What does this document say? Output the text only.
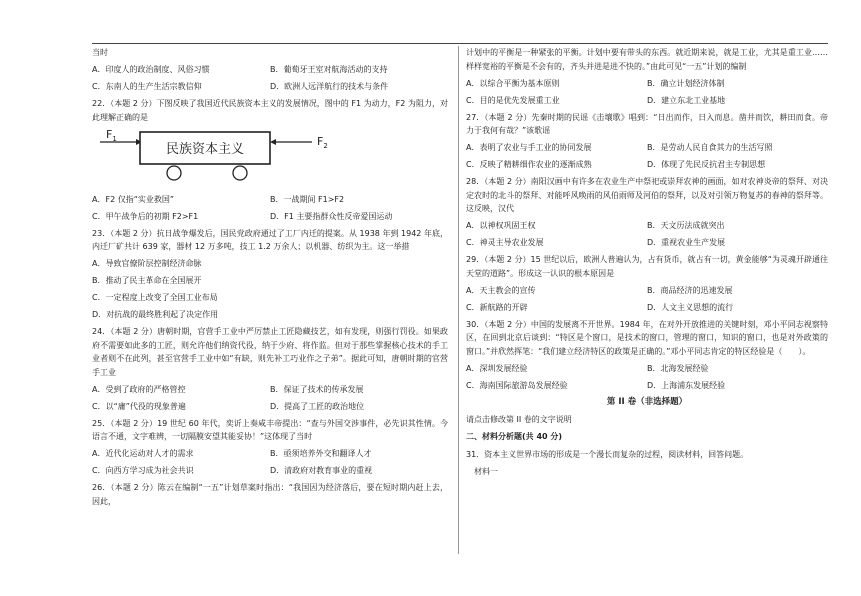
当时

A．印度人的政治制度、风俗习惯	B．葡萄牙王室对航海活动的支持
C．东南人的生产生活宗教信仰	D．欧洲人远洋航行的技术与条件

22．（本题 2 分）下图反映了我国近代民族资本主义的发展情况，图中的 F1 为动力，F2 为阻力，对此理解正确的是

民族资本主义
$F_1$	$F_2$
A．F2 仅指“实业救国”	B．一战期间 F1>F2
C．甲午战争后的初期 F2>F1	D．F1 主要指群众性反帝爱国运动

23．（本题 2 分）抗日战争爆发后，国民党政府通过了工厂内迁的提案。从 1938 年到 1942 年底，内迁厂矿共计 639 家，器材 12 万多吨，技工 1.2 万余人；以机器、纺织为主。这一举措

A．导致官僚阶层控制经济命脉
B．推动了民主革命在全国展开
C．一定程度上改变了全国工业布局
D．对抗战的最终胜利起了决定作用

24．（本题 2 分）唐朝时期，官营手工业中严厉禁止工匠隐藏技艺，如有发现，则强行罚役。如果政府不需要如此多的工匠，则允许他们纳资代役，纳于少府、将作监。但对于那些掌握核心技术的手工业者则不在此列，甚至官营手工业中如“有缺，则先补工巧业作之子弟”。据此可知，唐朝时期的官营手工业

A．受到了政府的严格管控	B．保证了技术的传承发展
C．以“庸”代役的现象普遍	D．提高了工匠的政治地位

25．（本题 2 分）19 世纪 60 年代，奕䜣上奏咸丰帝提出：“查与外国交涉事件，必先识其性情。今语言不通，文字难辨，一切隔膜安望其能妥协！”这体现了当时

A．近代化运动对人才的需求	B．亟须培养外交和翻译人才
C．向西方学习成为社会共识	D．清政府对教育事业的重视

26．（本题 2 分）陈云在编制“一五”计划草案时指出：“我国因为经济落后，要在短时期内赶上去，因此，

计划中的平衡是一种紧张的平衡。计划中要有带头的东西。就近期来说，就是工业，尤其是重工业……样样宽裕的平衡是不会有的，齐头并进是进不快的。”由此可见“一五”计划的编制

A．以综合平衡为基本原则	B．确立计划经济体制
C．目的是优先发展重工业	D．建立东北工业基地

27．（本题 2 分）先秦时期的民谣《击壤歌》唱到：“日出而作，日入而息。凿井而饮，耕田而食。帝力于我何有哉？”该歌谣

A．表明了农业与手工业的协同发展	B．是劳动人民自食其力的生活写照
C．反映了精耕细作农业的逐渐成熟	D．体现了先民反抗君主专制思想

28．（本题 2 分）南阳汉画中有许多在农业生产中祭祀或崇拜农神的画面，如对农神炎帝的祭拜、对决定农时的北斗的祭拜、对能呼风唤雨的风伯雨师及河伯的祭拜，以及对引领万物复苏的春神的祭拜等。这反映，汉代

A．以神权巩固王权	B．天文历法成就突出
C．神灵主导农业发展	D．重视农业生产发展

29．（本题 2 分）15 世纪以后，欧洲人普遍认为，占有货币，就占有一切，黄金能够“为灵魂开辟通往天堂的道路”。形成这一认识的根本原因是

A．天主教会的宣传	B．商品经济的迅速发展
C．新航路的开辟	D．人文主义思想的流行

30．（本题 2 分）中国的发展离不开世界。1984 年，在对外开放推进的关键时刻，邓小平同志视察特区，在回到北京后谈到：“特区是个窗口，是技术的窗口，管理的窗口，知识的窗口，也是对外政策的窗口。”并欣然挥笔：“我们建立经济特区的政策是正确的。”邓小平同志肯定的特区经验是（　　）。

A．深圳发展经验	B．北海发展经验
C．海南国际旅游岛发展经验	D．上海浦东发展经验
第 II 卷（非选择题）

请点击修改第 II 卷的文字说明

二、材料分析题(共 40 分)

31．资本主义世界市场的形成是一个漫长而复杂的过程，阅读材料，回答问题。

材料一
